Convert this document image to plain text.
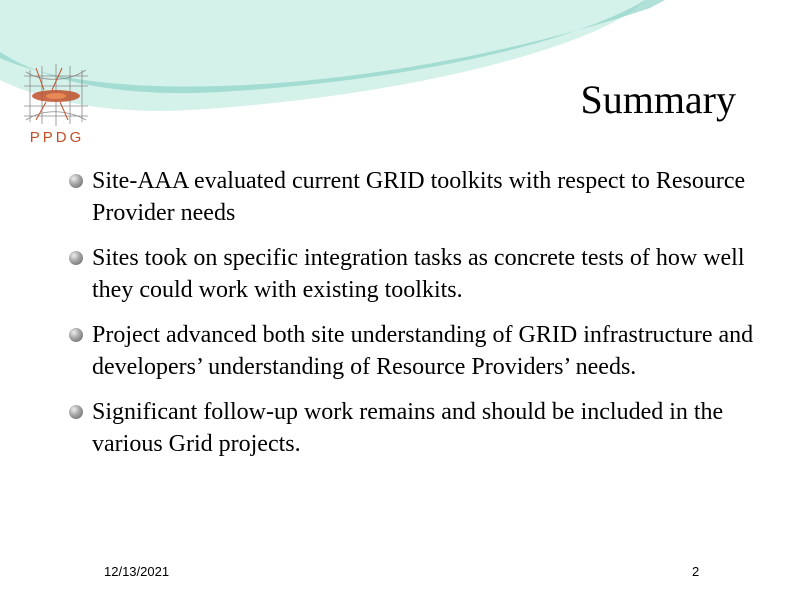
PPDG
Summary
Site-AAA evaluated current GRID toolkits with respect to Resource Provider needs
Sites took on specific integration tasks as concrete tests of how well they could work with existing toolkits.
Project advanced both site understanding of GRID infrastructure and developers’ understanding of Resource Providers’ needs.
Significant follow-up work remains and should be included in the various Grid projects.
12/13/2021	2
